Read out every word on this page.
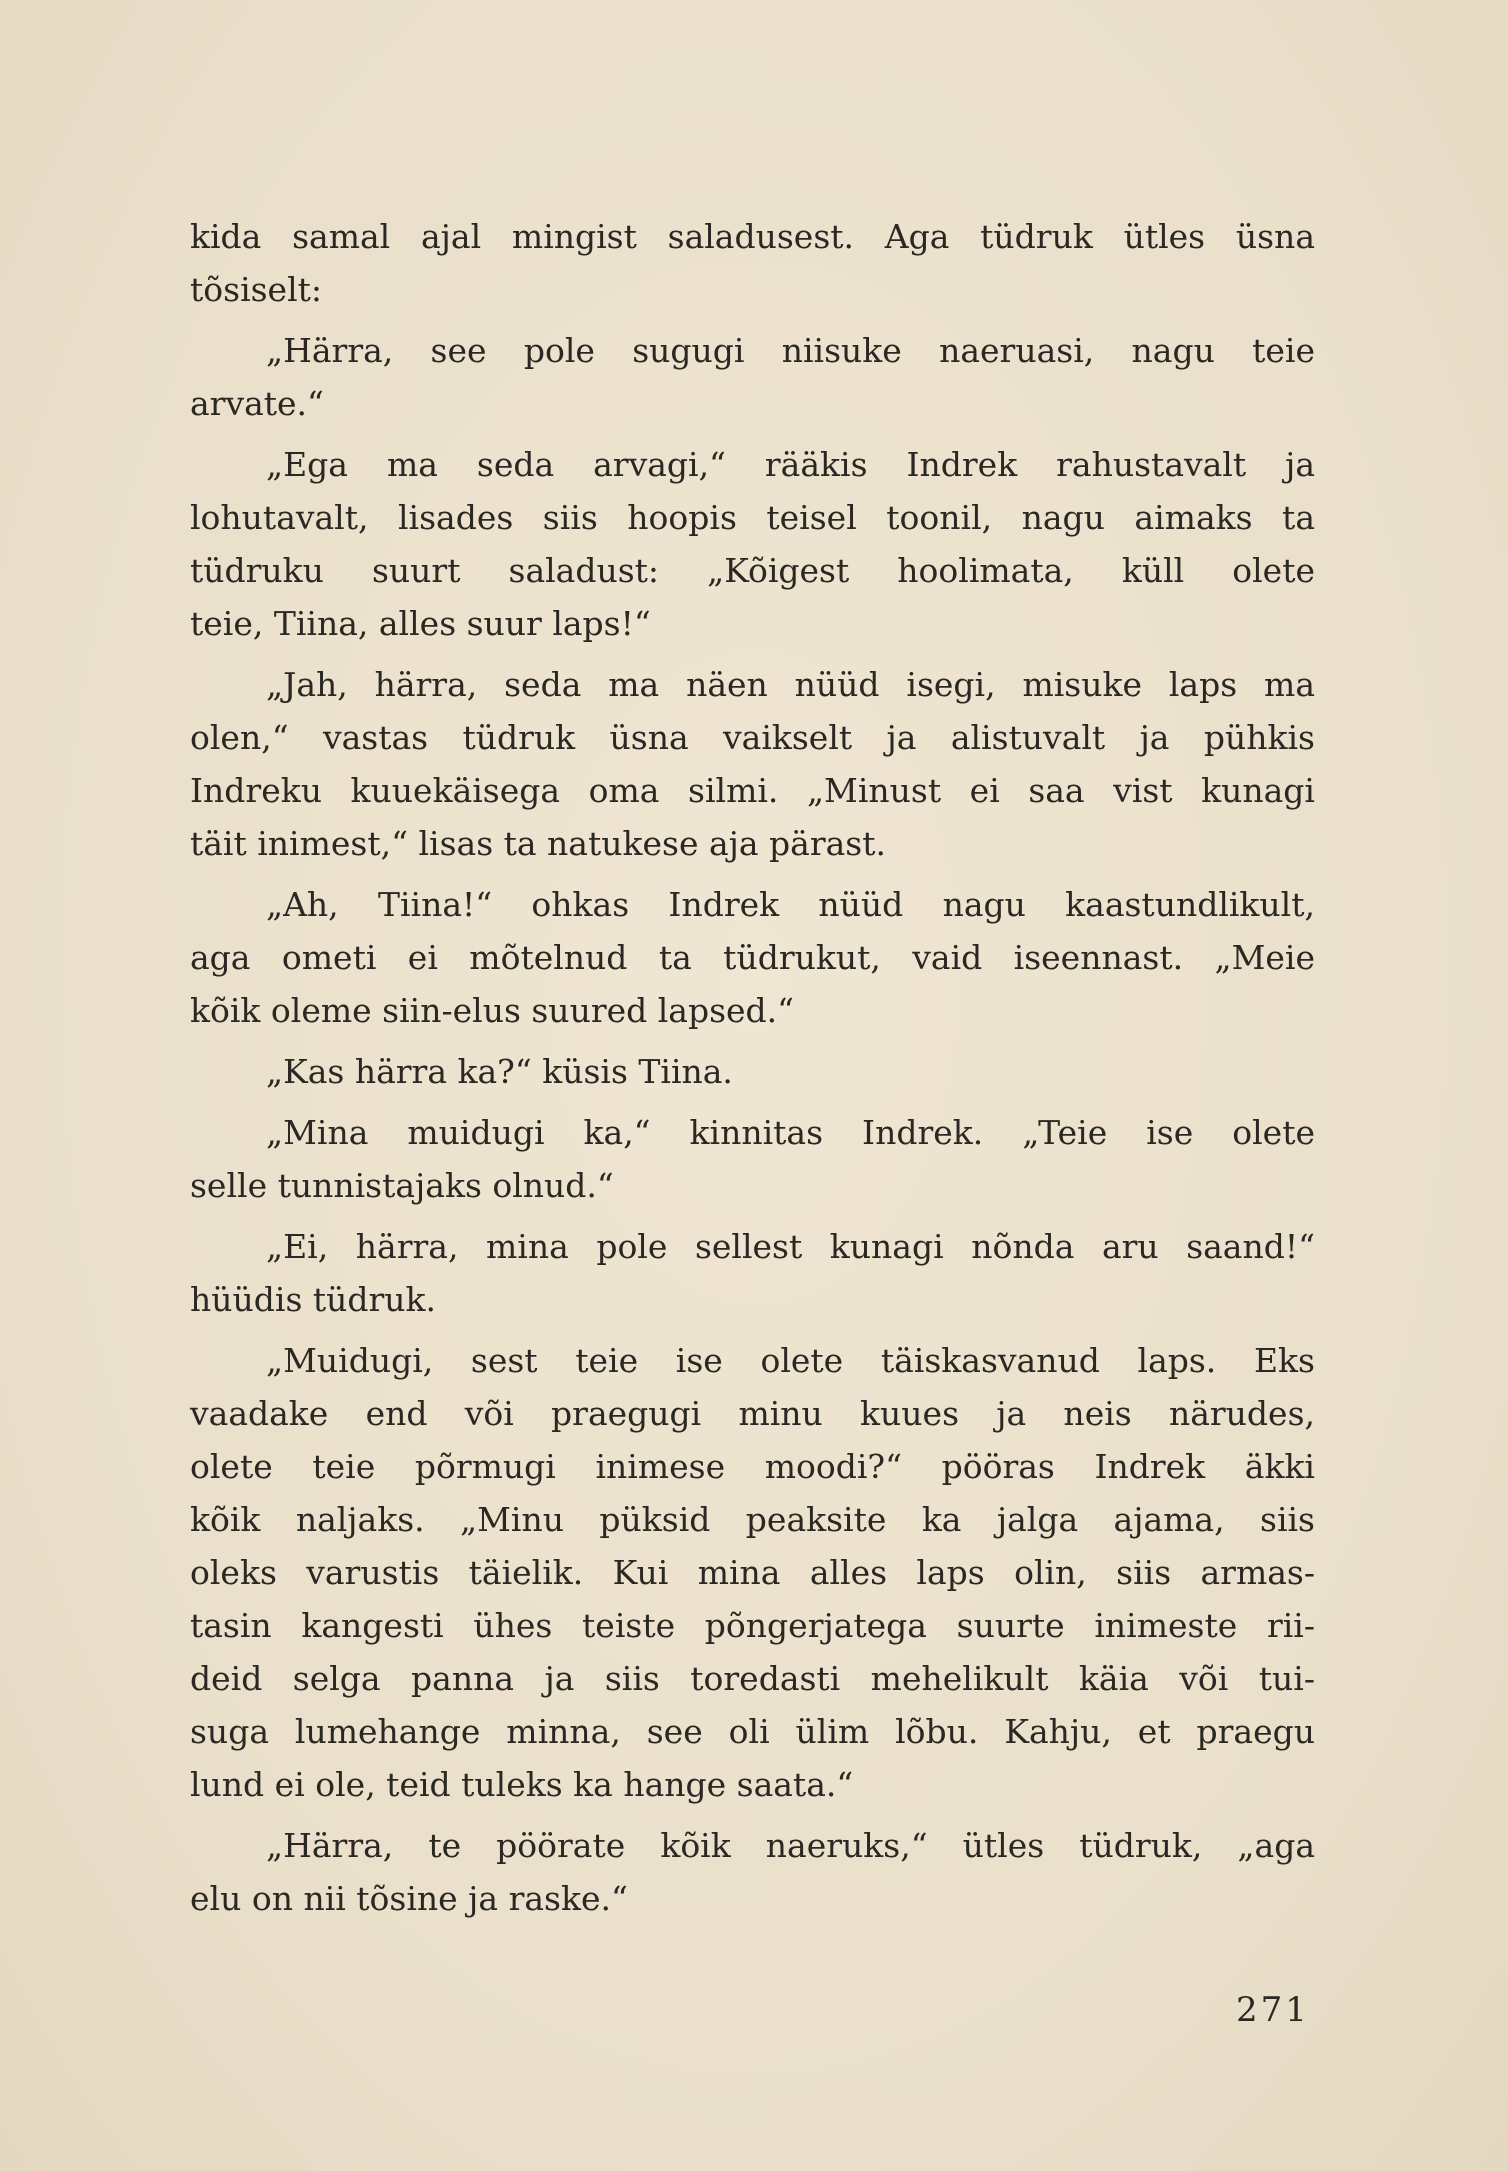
kida samal ajal mingist saladusest. Aga tüdruk ütles üsna
tõsiselt:
„Härra, see pole sugugi niisuke naeruasi, nagu teie
arvate.“
„Ega ma seda arvagi,“ rääkis Indrek rahustavalt ja
lohutavalt, lisades siis hoopis teisel toonil, nagu aimaks ta
tüdruku suurt saladust: „Kõigest hoolimata, küll olete
teie, Tiina, alles suur laps!“
„Jah, härra, seda ma näen nüüd isegi, misuke laps ma
olen,“ vastas tüdruk üsna vaikselt ja alistuvalt ja pühkis
Indreku kuuekäisega oma silmi. „Minust ei saa vist kunagi
täit inimest,“ lisas ta natukese aja pärast.
„Ah, Tiina!“ ohkas Indrek nüüd nagu kaastundlikult,
aga ometi ei mõtelnud ta tüdrukut, vaid iseennast. „Meie
kõik oleme siin-elus suured lapsed.“
„Kas härra ka?“ küsis Tiina.
„Mina muidugi ka,“ kinnitas Indrek. „Teie ise olete
selle tunnistajaks olnud.“
„Ei, härra, mina pole sellest kunagi nõnda aru saand!“
hüüdis tüdruk.
„Muidugi, sest teie ise olete täiskasvanud laps. Eks
vaadake end või praegugi minu kuues ja neis närudes,
olete teie põrmugi inimese moodi?“ pööras Indrek äkki
kõik naljaks. „Minu püksid peaksite ka jalga ajama, siis
oleks varustis täielik. Kui mina alles laps olin, siis armas-
tasin kangesti ühes teiste põngerjatega suurte inimeste rii-
deid selga panna ja siis toredasti mehelikult käia või tui-
suga lumehange minna, see oli ülim lõbu. Kahju, et praegu
lund ei ole, teid tuleks ka hange saata.“
„Härra, te pöörate kõik naeruks,“ ütles tüdruk, „aga
elu on nii tõsine ja raske.“
271
